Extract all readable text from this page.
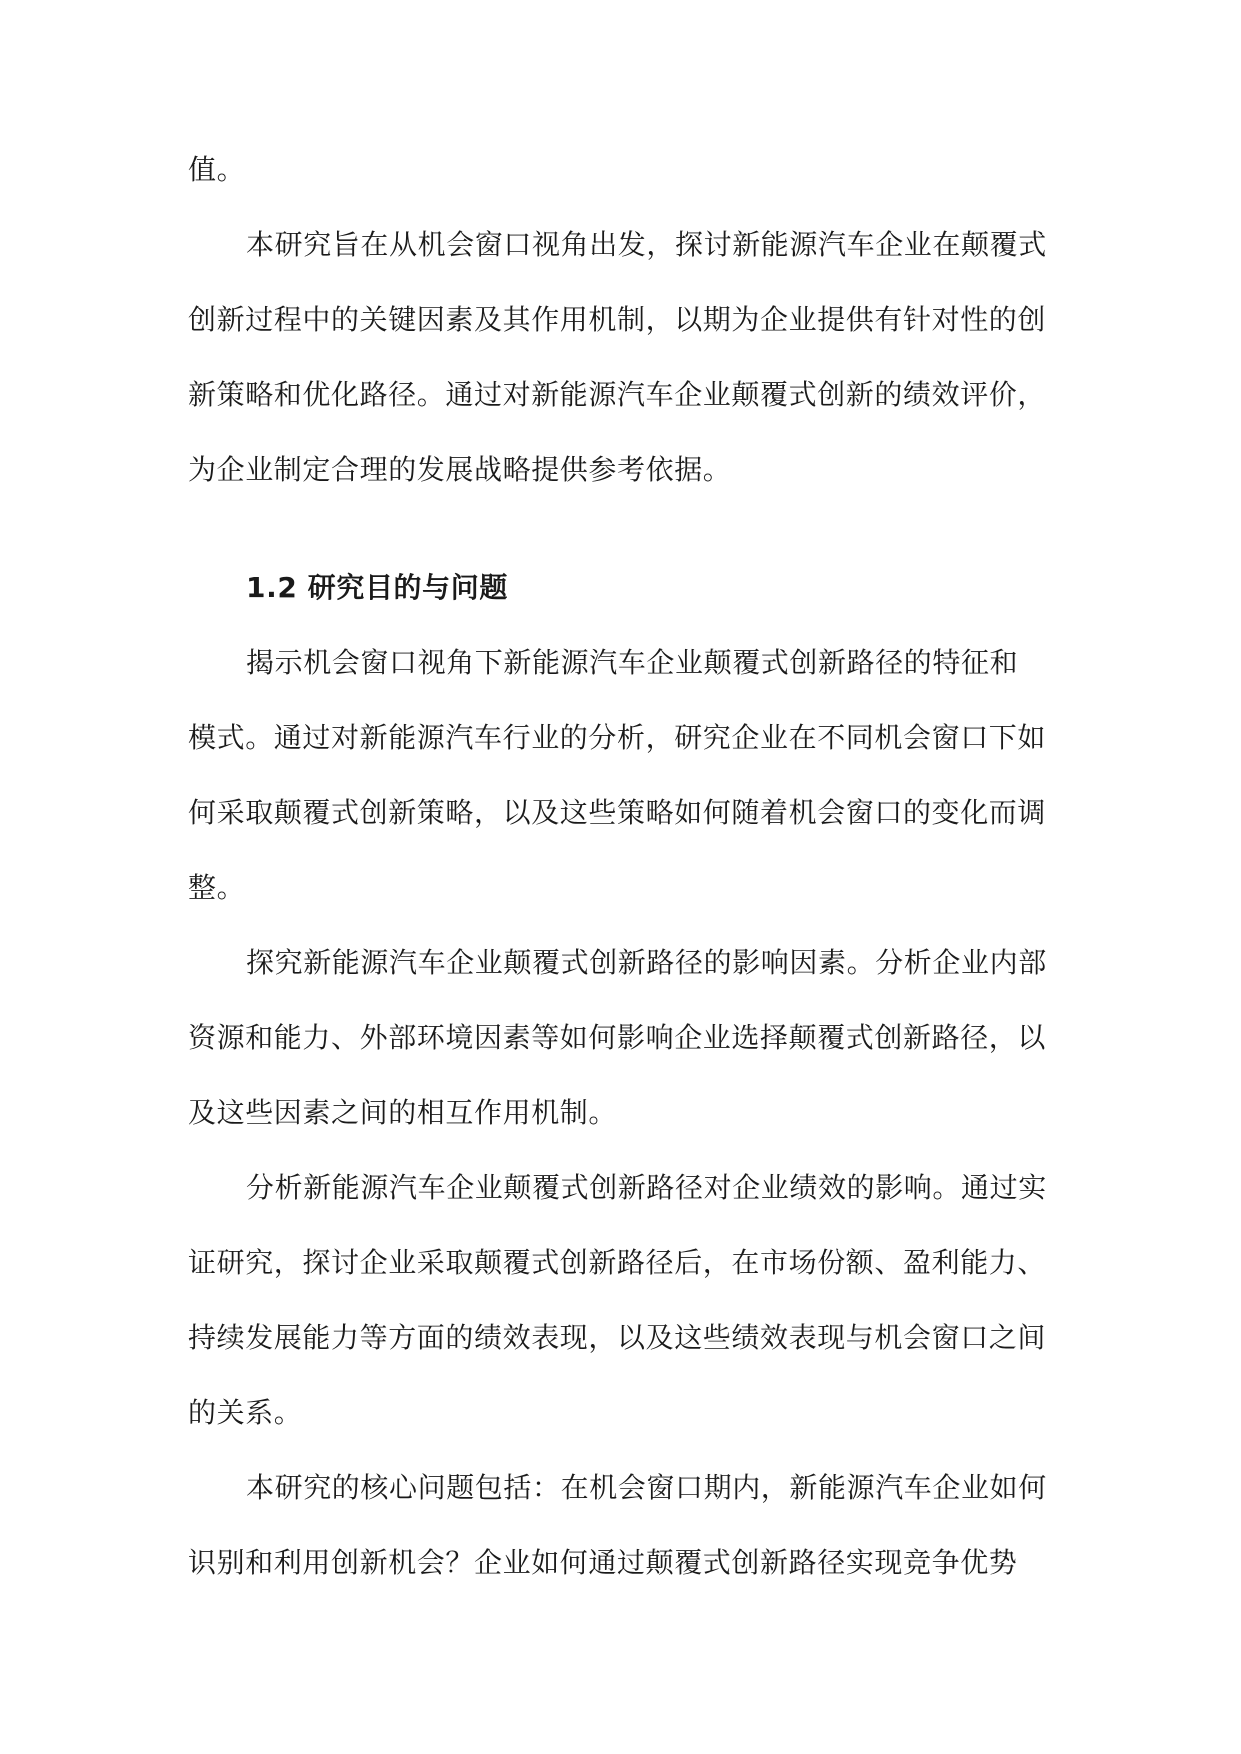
值。
本研究旨在从机会窗口视角出发，探讨新能源汽车企业在颠覆式
创新过程中的关键因素及其作用机制，以期为企业提供有针对性的创
新策略和优化路径。通过对新能源汽车企业颠覆式创新的绩效评价，
为企业制定合理的发展战略提供参考依据。
1.2 研究目的与问题
揭示机会窗口视角下新能源汽车企业颠覆式创新路径的特征和
模式。通过对新能源汽车行业的分析，研究企业在不同机会窗口下如
何采取颠覆式创新策略，以及这些策略如何随着机会窗口的变化而调
整。
探究新能源汽车企业颠覆式创新路径的影响因素。分析企业内部
资源和能力、外部环境因素等如何影响企业选择颠覆式创新路径，以
及这些因素之间的相互作用机制。
分析新能源汽车企业颠覆式创新路径对企业绩效的影响。通过实
证研究，探讨企业采取颠覆式创新路径后，在市场份额、盈利能力、
持续发展能力等方面的绩效表现，以及这些绩效表现与机会窗口之间
的关系。
本研究的核心问题包括：在机会窗口期内，新能源汽车企业如何
识别和利用创新机会？企业如何通过颠覆式创新路径实现竞争优势
